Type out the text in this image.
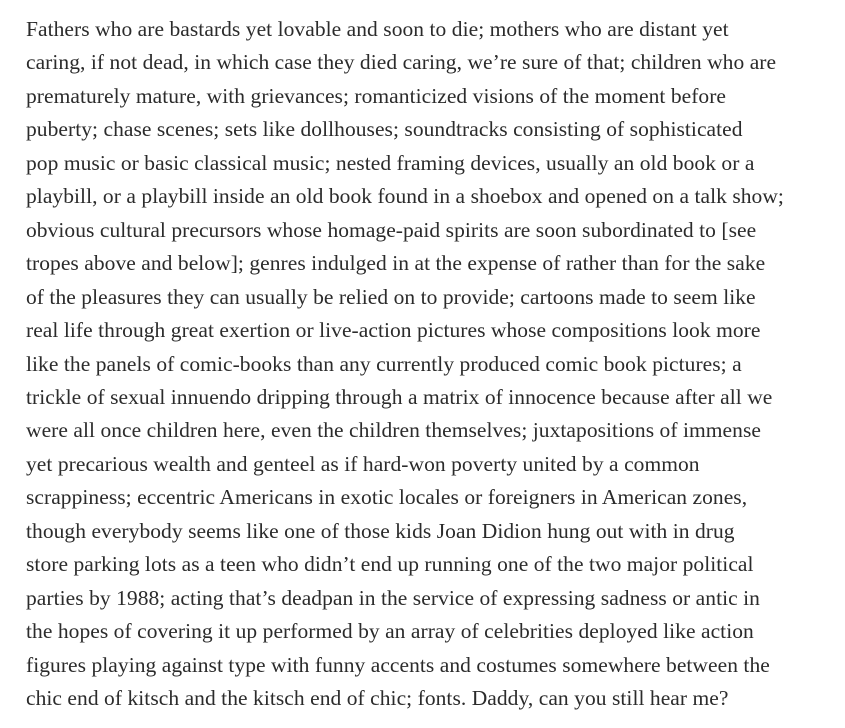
Fathers who are bastards yet lovable and soon to die; mothers who are distant yet
caring, if not dead, in which case they died caring, we’re sure of that; children who are
prematurely mature, with grievances; romanticized visions of the moment before
puberty; chase scenes; sets like dollhouses; soundtracks consisting of sophisticated
pop music or basic classical music; nested framing devices, usually an old book or a
playbill, or a playbill inside an old book found in a shoebox and opened on a talk show;
obvious cultural precursors whose homage-paid spirits are soon subordinated to [see
tropes above and below]; genres indulged in at the expense of rather than for the sake
of the pleasures they can usually be relied on to provide; cartoons made to seem like
real life through great exertion or live-action pictures whose compositions look more
like the panels of comic-books than any currently produced comic book pictures; a
trickle of sexual innuendo dripping through a matrix of innocence because after all we
were all once children here, even the children themselves; juxtapositions of immense
yet precarious wealth and genteel as if hard-won poverty united by a common
scrappiness; eccentric Americans in exotic locales or foreigners in American zones,
though everybody seems like one of those kids Joan Didion hung out with in drug
store parking lots as a teen who didn’t end up running one of the two major political
parties by 1988; acting that’s deadpan in the service of expressing sadness or antic in
the hopes of covering it up performed by an array of celebrities deployed like action
figures playing against type with funny accents and costumes somewhere between the
chic end of kitsch and the kitsch end of chic; fonts. Daddy, can you still hear me?
